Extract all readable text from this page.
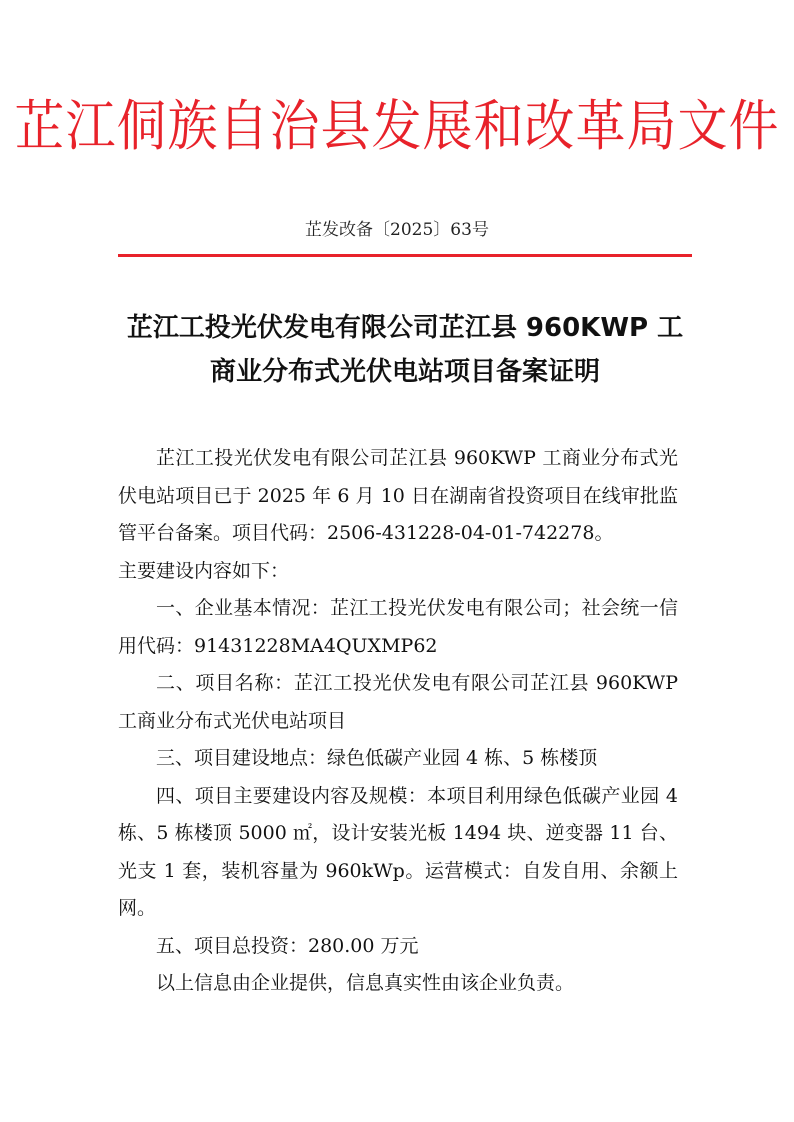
芷江侗族自治县发展和改革局文件
芷发改备〔2025〕63号
芷江工投光伏发电有限公司芷江县 960KWP 工
商业分布式光伏电站项目备案证明

芷江工投光伏发电有限公司芷江县 960KWP 工商业分布式光伏电站项目已于 2025 年 6 月 10 日在湖南省投资项目在线审批监管平台备案。项目代码：2506-431228-04-01-742278。

主要建设内容如下：

一、企业基本情况：芷江工投光伏发电有限公司；社会统一信用代码：91431228MA4QUXMP62

二、项目名称：芷江工投光伏发电有限公司芷江县 960KWP 工商业分布式光伏电站项目

三、项目建设地点：绿色低碳产业园 4 栋、5 栋楼顶

四、项目主要建设内容及规模：本项目利用绿色低碳产业园 4 栋、5 栋楼顶 5000 ㎡，设计安装光板 1494 块、逆变器 11 台、光支 1 套，装机容量为 960kWp。运营模式：自发自用、余额上网。

五、项目总投资：280.00 万元

以上信息由企业提供，信息真实性由该企业负责。
